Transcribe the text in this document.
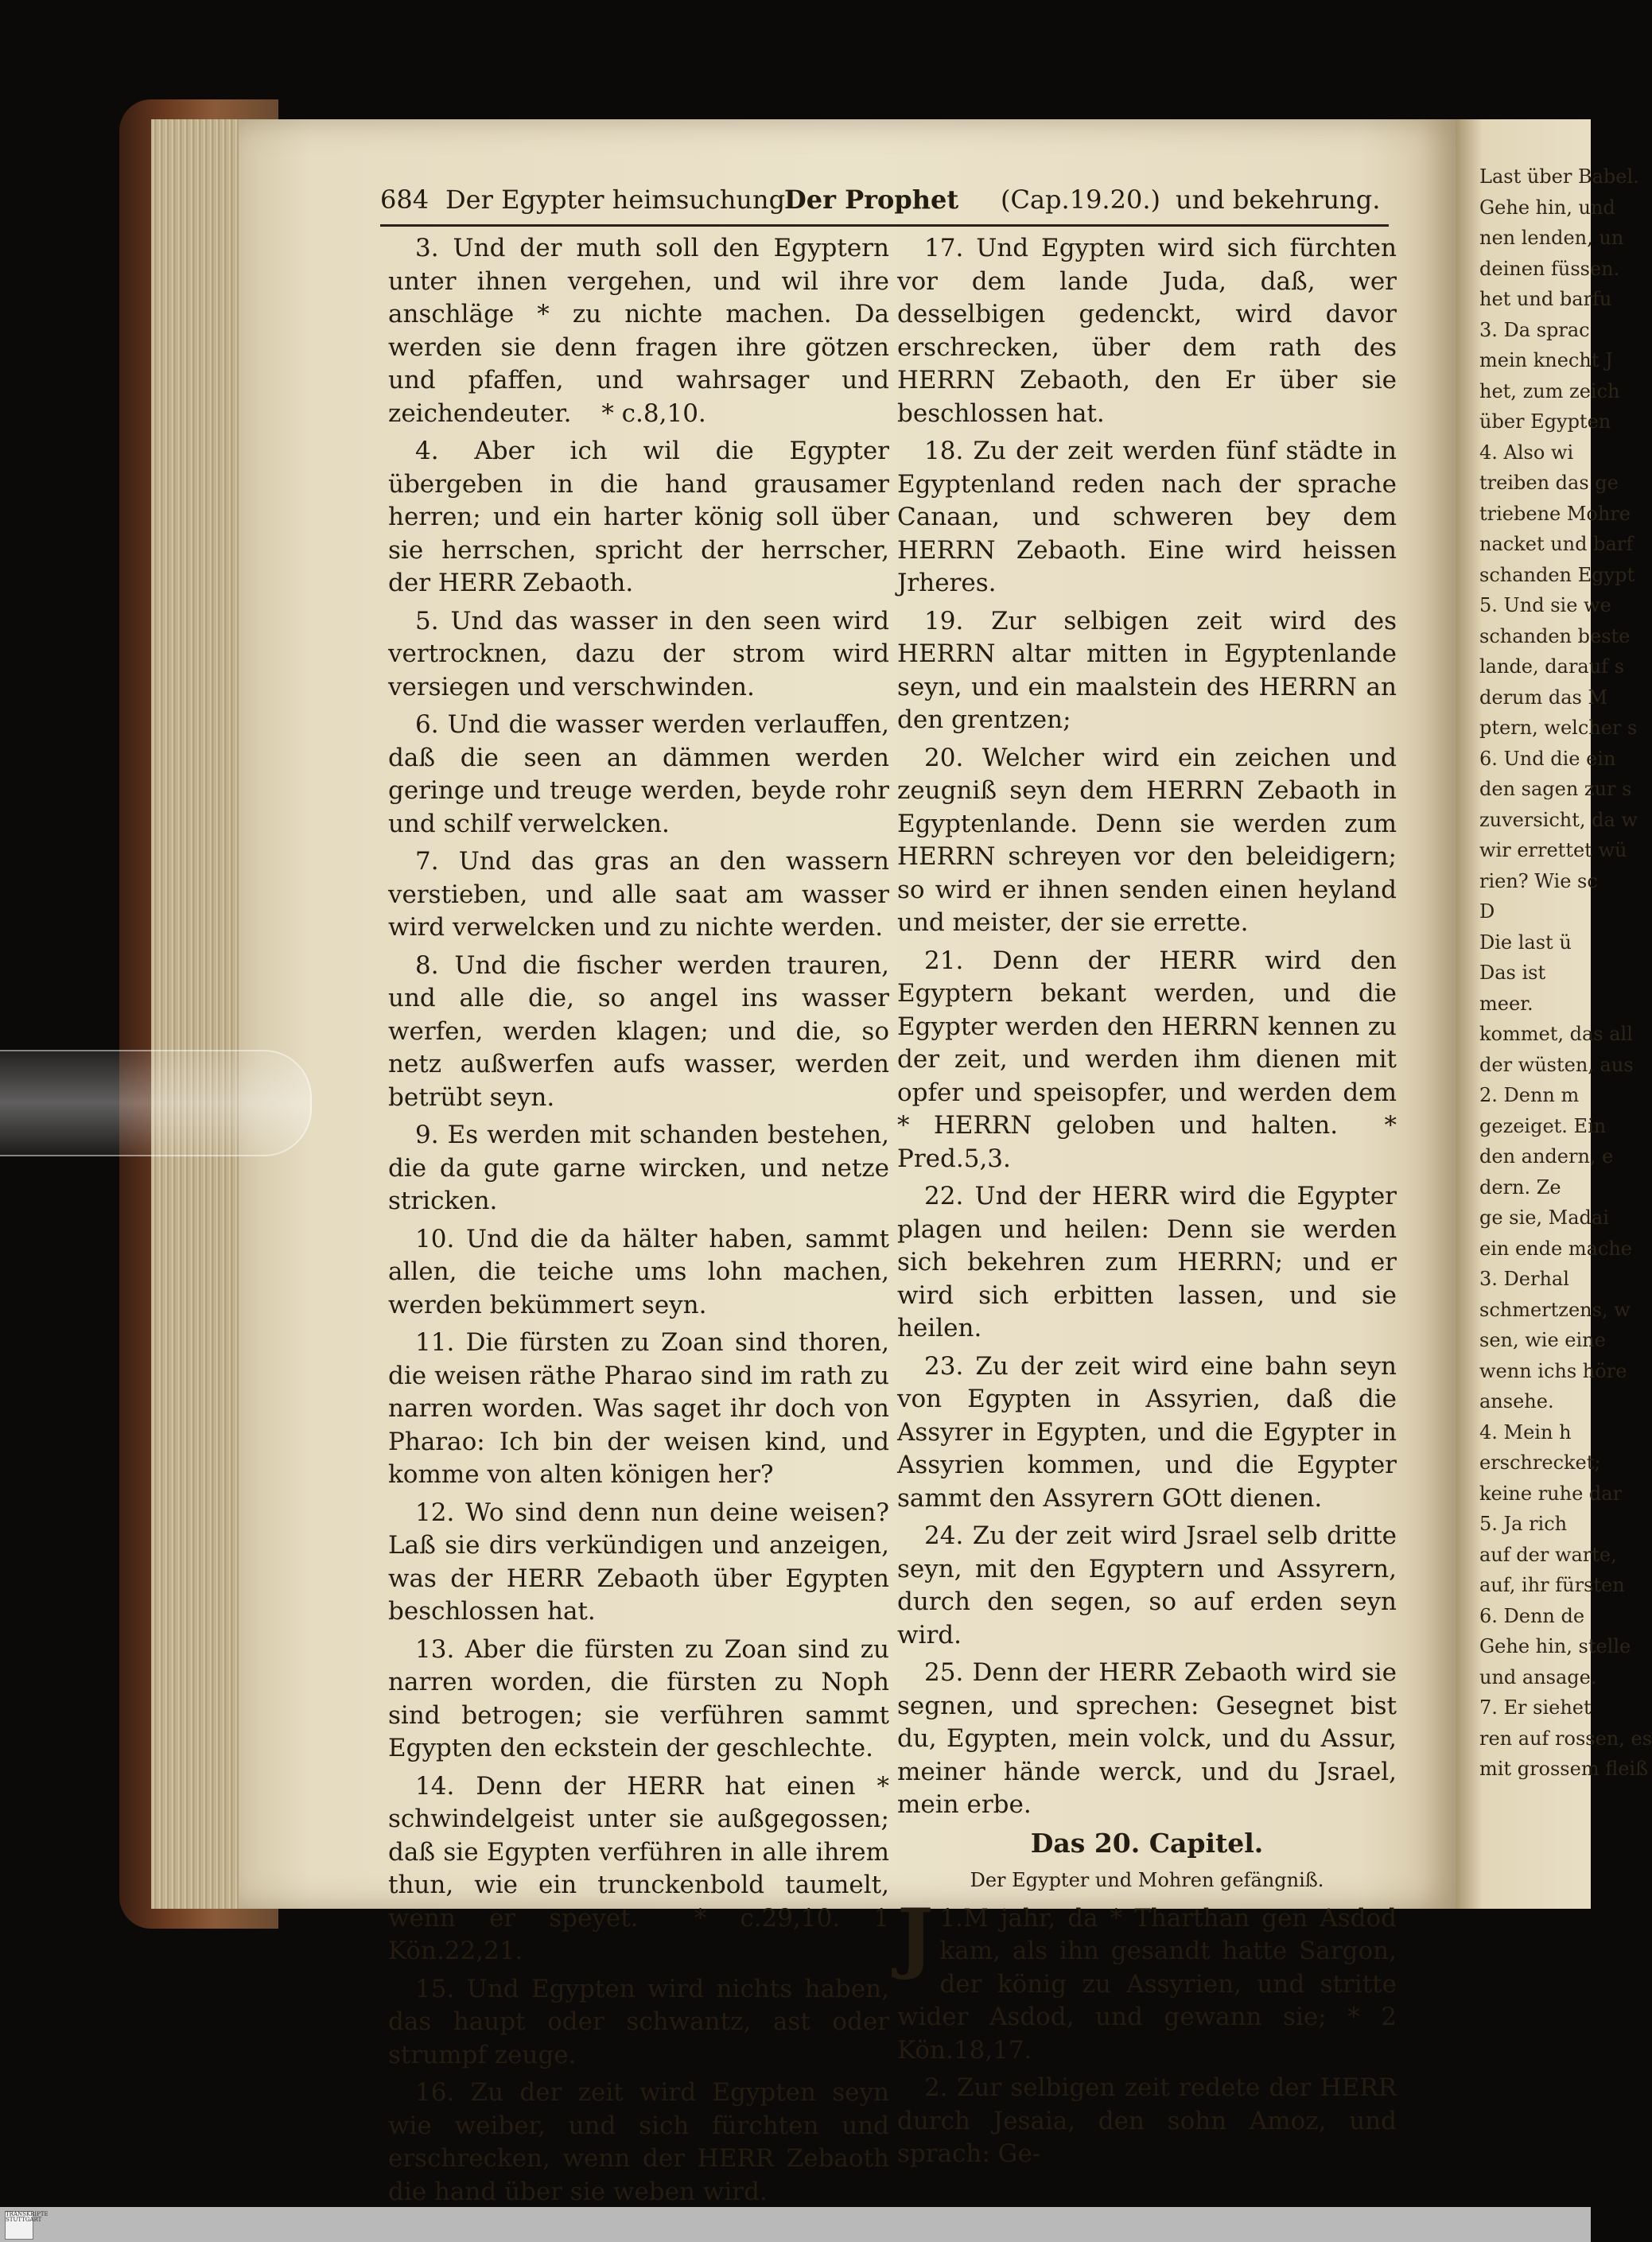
Last über Babel.
Gehe hin, und
nen lenden, un
deinen füssen.
het und barfu
3. Da sprac
mein knecht J
het, zum zeich
über Egypten
4. Also wi
treiben das ge
triebene Mohre
nacket und barf
schanden Egypt
5. Und sie we
schanden beste
lande, darauf s
derum das M
ptern, welcher s
6. Und die ein
den sagen zur s
zuversicht, da w
wir errettet wü
rien? Wie sc
D
Die last ü
Das ist
meer.
kommet, das all
der wüsten, aus
2. Denn m
gezeiget. Ein
den andern, e
dern. Ze
ge sie, Madai
ein ende mache
3. Derhal
schmertzens, w
sen, wie eine
wenn ichs höre
ansehe.
4. Mein h
erschrecket;
keine ruhe dar
5. Ja rich
auf der warte,
auf, ihr fürsten
6. Denn de
Gehe hin, stelle
und ansage.
7. Er siehet
ren auf rossen, es
mit grossem fleiß
684 Der Egypter heimsuchung
Der Prophet (Cap.19.20.) und bekehrung.

3. Und der muth soll den Egyptern unter ihnen vergehen, und wil ihre anschläge * zu nichte machen. Da werden sie denn fragen ihre götzen und pfaffen, und wahrsager und zeichendeuter. * c.8,10.

4. Aber ich wil die Egypter übergeben in die hand grausamer herren; und ein harter könig soll über sie herrschen, spricht der herrscher, der HERR Zebaoth.

5. Und das wasser in den seen wird vertrocknen, dazu der strom wird versiegen und verschwinden.

6. Und die wasser werden verlauffen, daß die seen an dämmen werden geringe und treuge werden, beyde rohr und schilf verwelcken.

7. Und das gras an den wassern verstieben, und alle saat am wasser wird verwelcken und zu nichte werden.

8. Und die fischer werden trauren, und alle die, so angel ins wasser werfen, werden klagen; und die, so netz außwerfen aufs wasser, werden betrübt seyn.

9. Es werden mit schanden bestehen, die da gute garne wircken, und netze stricken.

10. Und die da hälter haben, sammt allen, die teiche ums lohn machen, werden bekümmert seyn.

11. Die fürsten zu Zoan sind thoren, die weisen räthe Pharao sind im rath zu narren worden. Was saget ihr doch von Pharao: Ich bin der weisen kind, und komme von alten königen her?

12. Wo sind denn nun deine weisen? Laß sie dirs verkündigen und anzeigen, was der HERR Zebaoth über Egypten beschlossen hat.

13. Aber die fürsten zu Zoan sind zu narren worden, die fürsten zu Noph sind betrogen; sie verführen sammt Egypten den eckstein der geschlechte.

14. Denn der HERR hat einen * schwindelgeist unter sie außgegossen; daß sie Egypten verführen in alle ihrem thun, wie ein trunckenbold taumelt, wenn er speyet. * c.29,10. 1 Kön.22,21.

15. Und Egypten wird nichts haben, das haupt oder schwantz, ast oder strumpf zeuge.

16. Zu der zeit wird Egypten seyn wie weiber, und sich fürchten und erschrecken, wenn der HERR Zebaoth die hand über sie weben wird.

17. Und Egypten wird sich fürchten vor dem lande Juda, daß, wer desselbigen gedenckt, wird davor erschrecken, über dem rath des HERRN Zebaoth, den Er über sie beschlossen hat.

18. Zu der zeit werden fünf städte in Egyptenland reden nach der sprache Canaan, und schweren bey dem HERRN Zebaoth. Eine wird heissen Jrheres.

19. Zur selbigen zeit wird des HERRN altar mitten in Egyptenlande seyn, und ein maalstein des HERRN an den grentzen;

20. Welcher wird ein zeichen und zeugniß seyn dem HERRN Zebaoth in Egyptenlande. Denn sie werden zum HERRN schreyen vor den beleidigern; so wird er ihnen senden einen heyland und meister, der sie errette.

21. Denn der HERR wird den Egyptern bekant werden, und die Egypter werden den HERRN kennen zu der zeit, und werden ihm dienen mit opfer und speisopfer, und werden dem * HERRN geloben und halten. * Pred.5,3.

22. Und der HERR wird die Egypter plagen und heilen: Denn sie werden sich bekehren zum HERRN; und er wird sich erbitten lassen, und sie heilen.

23. Zu der zeit wird eine bahn seyn von Egypten in Assyrien, daß die Assyrer in Egypten, und die Egypter in Assyrien kommen, und die Egypter sammt den Assyrern GOtt dienen.

24. Zu der zeit wird Jsrael selb dritte seyn, mit den Egyptern und Assyrern, durch den segen, so auf erden seyn wird.

25. Denn der HERR Zebaoth wird sie segnen, und sprechen: Gesegnet bist du, Egypten, mein volck, und du Assur, meiner hände werck, und du Jsrael, mein erbe.

Das 20. Capitel.

Der Egypter und Mohren gefängniß.

1.
J M jahr, da * Tharthan gen Asdod kam, als ihn gesandt hatte Sargon, der könig zu Assyrien, und stritte wider Asdod, und gewann sie; * 2 Kön.18,17.

2. Zur selbigen zeit redete der HERR durch Jesaia, den sohn Amoz, und sprach: Ge-

TRANSKRIPTE STUTTGART
